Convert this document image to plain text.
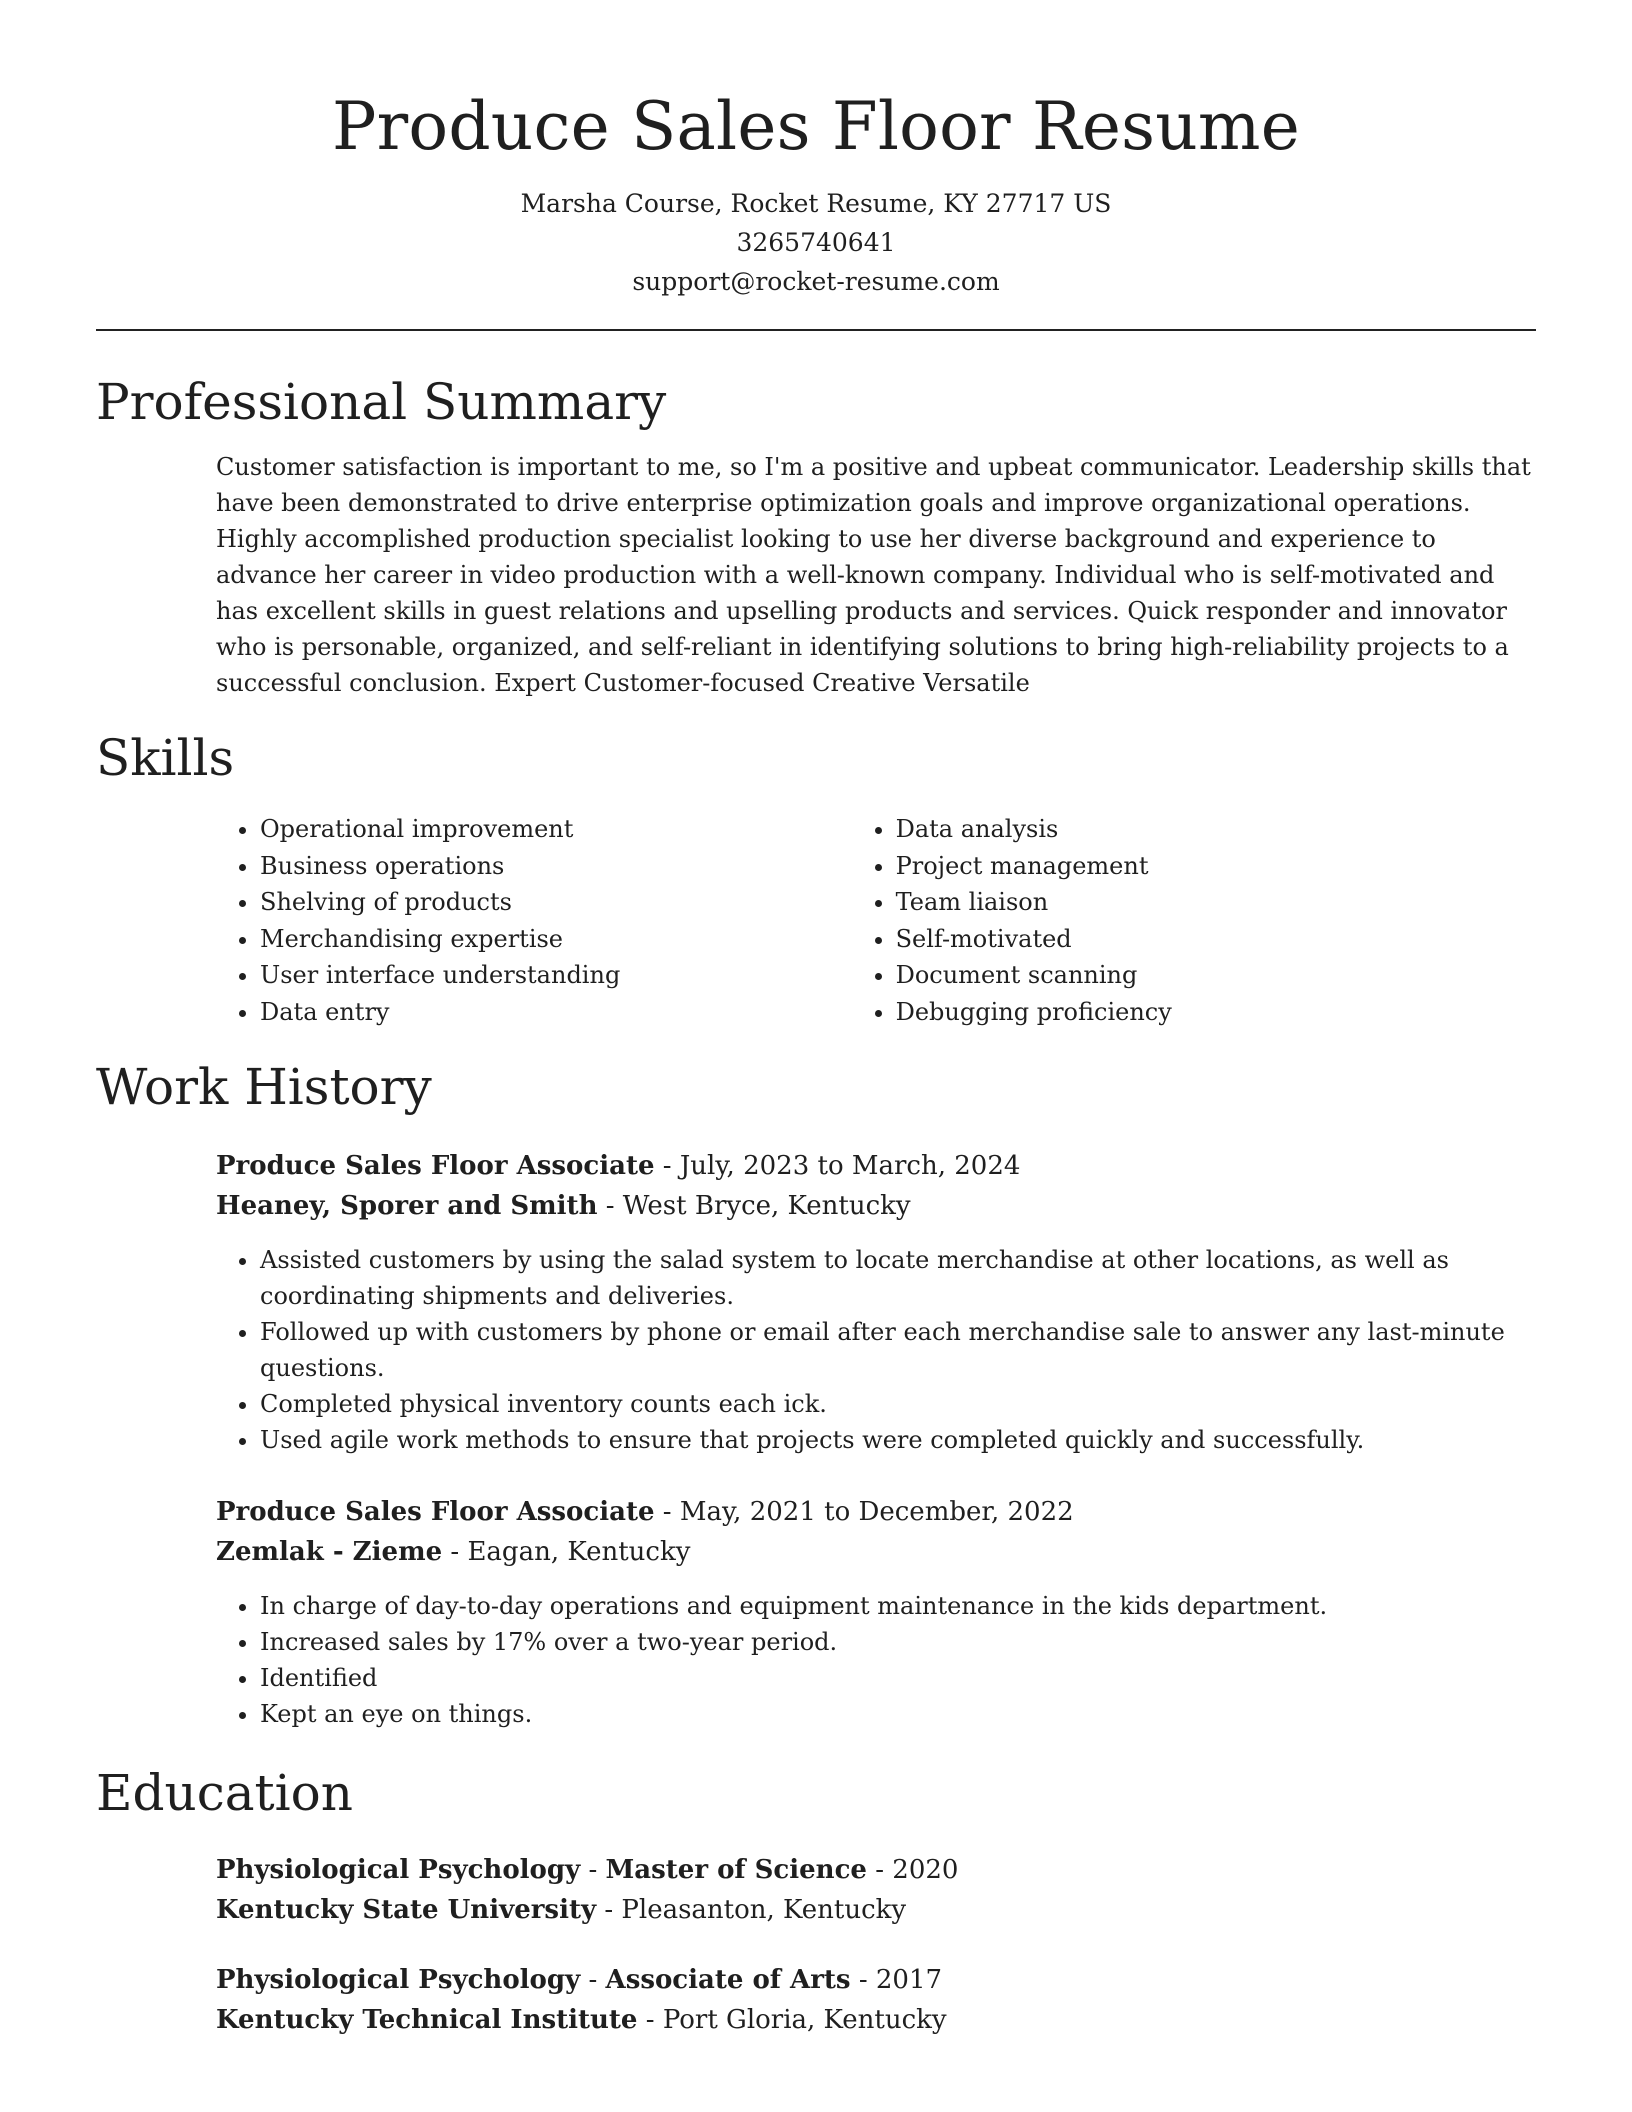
Produce Sales Floor Resume
Marsha Course, Rocket Resume, KY 27717 US
3265740641
support@rocket-resume.com
Professional Summary
Customer satisfaction is important to me, so I'm a positive and upbeat communicator. Leadership skills that have been demonstrated to drive enterprise optimization goals and improve organizational operations. Highly accomplished production specialist looking to use her diverse background and experience to advance her career in video production with a well-known company. Individual who is self-motivated and has excellent skills in guest relations and upselling products and services. Quick responder and innovator who is personable, organized, and self-reliant in identifying solutions to bring high-reliability projects to a successful conclusion. Expert Customer-focused Creative Versatile
Skills
• Operational improvement
• Business operations
• Shelving of products
• Merchandising expertise
• User interface understanding
• Data entry
• Data analysis
• Project management
• Team liaison
• Self-motivated
• Document scanning
• Debugging proficiency
Work History
Produce Sales Floor Associate - July, 2023 to March, 2024
Heaney, Sporer and Smith - West Bryce, Kentucky
• Assisted customers by using the salad system to locate merchandise at other locations, as well as coordinating shipments and deliveries.
• Followed up with customers by phone or email after each merchandise sale to answer any last-minute questions.
• Completed physical inventory counts each ick.
• Used agile work methods to ensure that projects were completed quickly and successfully.
Produce Sales Floor Associate - May, 2021 to December, 2022
Zemlak - Zieme - Eagan, Kentucky
• In charge of day-to-day operations and equipment maintenance in the kids department.
• Increased sales by 17% over a two-year period.
• Identified
• Kept an eye on things.
Education
Physiological Psychology - Master of Science - 2020
Kentucky State University - Pleasanton, Kentucky
Physiological Psychology - Associate of Arts - 2017
Kentucky Technical Institute - Port Gloria, Kentucky
